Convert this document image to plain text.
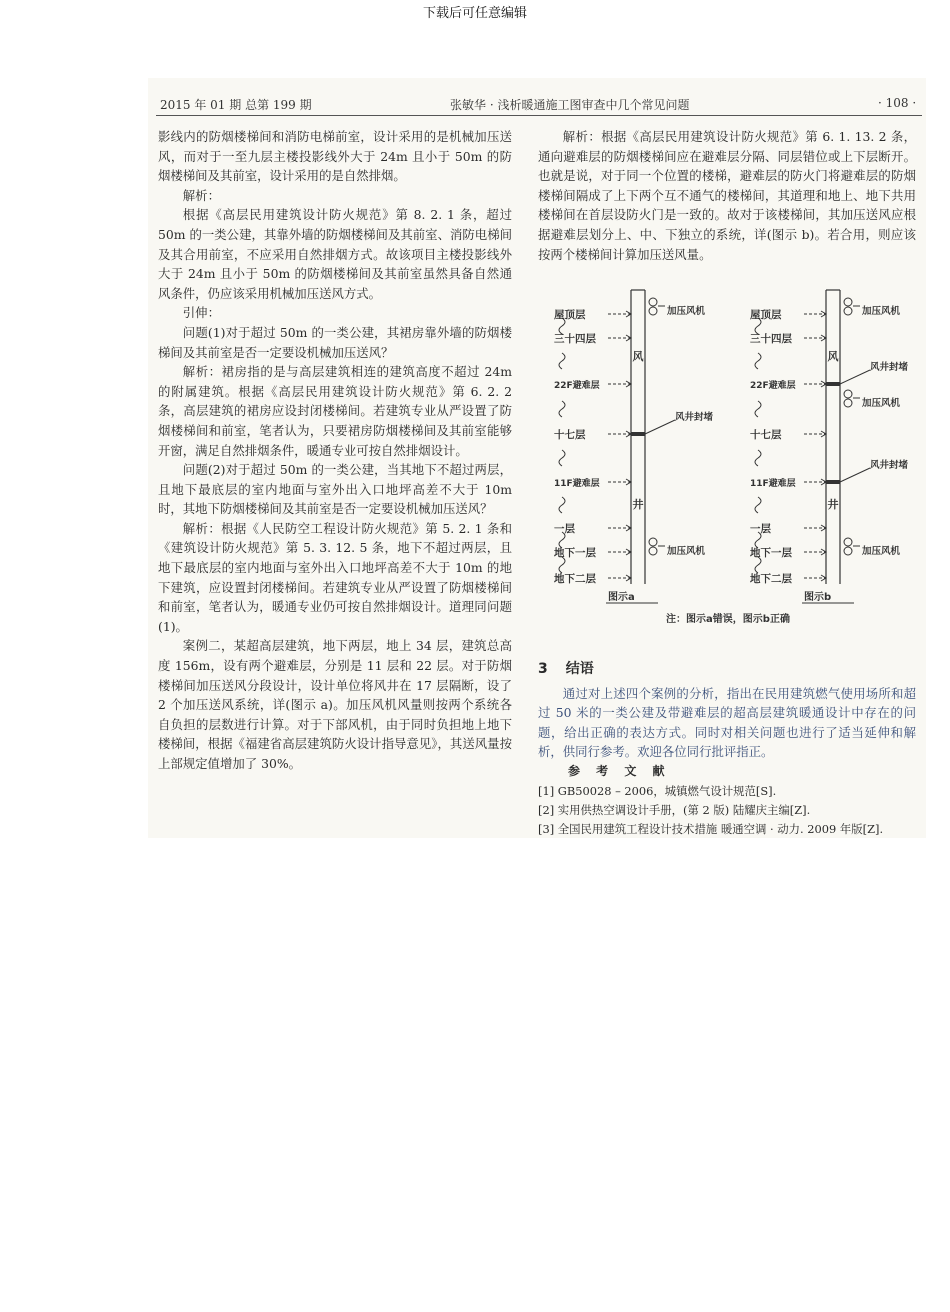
下载后可任意编辑
2015 年 01 期 总第 199 期	张敏华 · 浅析暖通施工图审查中几个常见问题	· 108 ·

影线内的防烟楼梯间和消防电梯前室，设计采用的是机械加压送风，而对于一至九层主楼投影线外大于 24m 且小于 50m 的防烟楼梯间及其前室，设计采用的是自然排烟。

解析：

根据《高层民用建筑设计防火规范》第 8. 2. 1 条，超过 50m 的一类公建，其靠外墙的防烟楼梯间及其前室、消防电梯间及其合用前室，不应采用自然排烟方式。故该项目主楼投影线外大于 24m 且小于 50m 的防烟楼梯间及其前室虽然具备自然通风条件，仍应该采用机械加压送风方式。

引伸：

问题(1)对于超过 50m 的一类公建，其裙房靠外墙的防烟楼梯间及其前室是否一定要设机械加压送风？

解析：裙房指的是与高层建筑相连的建筑高度不超过 24m 的附属建筑。根据《高层民用建筑设计防火规范》第 6. 2. 2 条，高层建筑的裙房应设封闭楼梯间。若建筑专业从严设置了防烟楼梯间和前室，笔者认为，只要裙房防烟楼梯间及其前室能够开窗，满足自然排烟条件，暖通专业可按自然排烟设计。

问题(2)对于超过 50m 的一类公建，当其地下不超过两层，且地下最底层的室内地面与室外出入口地坪高差不大于 10m 时，其地下防烟楼梯间及其前室是否一定要设机械加压送风？

解析：根据《人民防空工程设计防火规范》第 5. 2. 1 条和《建筑设计防火规范》第 5. 3. 12. 5 条，地下不超过两层，且地下最底层的室内地面与室外出入口地坪高差不大于 10m 的地下建筑，应设置封闭楼梯间。若建筑专业从严设置了防烟楼梯间和前室，笔者认为，暖通专业仍可按自然排烟设计。道理同问题(1)。

案例二，某超高层建筑，地下两层，地上 34 层，建筑总高度 156m，设有两个避难层，分别是 11 层和 22 层。对于防烟楼梯间加压送风分段设计，设计单位将风井在 17 层隔断，设了 2 个加压送风系统，详(图示 a)。加压风机风量则按两个系统各自负担的层数进行计算。对于下部风机，由于同时负担地上地下楼梯间，根据《福建省高层建筑防火设计指导意见》，其送风量按上部规定值增加了 30%。

解析：根据《高层民用建筑设计防火规范》第 6. 1. 13. 2 条，通向避难层的防烟楼梯间应在避难层分隔、同层错位或上下层断开。也就是说，对于同一个位置的楼梯，避难层的防火门将避难层的防烟楼梯间隔成了上下两个互不通气的楼梯间，其道理和地上、地下共用楼梯间在首层设防火门是一致的。故对于该楼梯间，其加压送风应根据避难层划分上、中、下独立的系统，详(图示 b)。若合用，则应该按两个楼梯间计算加压送风量。

屋顶层
三十四层
22F避难层
十七层
11F避难层
一层
地下一层
地下二层
风
井
风井封堵
加压风机
加压风机
图示a
屋顶层
三十四层
22F避难层
十七层
11F避难层
一层
地下一层
地下二层
风
井
风井封堵
风井封堵
加压风机
加压风机
加压风机
图示b
注：图示a错误，图示b正确
3 结语

通过对上述四个案例的分析，指出在民用建筑燃气使用场所和超过 50 米的一类公建及带避难层的超高层建筑暖通设计中存在的问题，给出正确的表达方式。同时对相关问题也进行了适当延伸和解析，供同行参考。欢迎各位同行批评指正。

参 考 文 献
[1] GB50028 – 2006，城镇燃气设计规范[S].
[2] 实用供热空调设计手册，(第 2 版) 陆耀庆主编[Z].
[3] 全国民用建筑工程设计技术措施 暖通空调 · 动力. 2009 年版[Z].
